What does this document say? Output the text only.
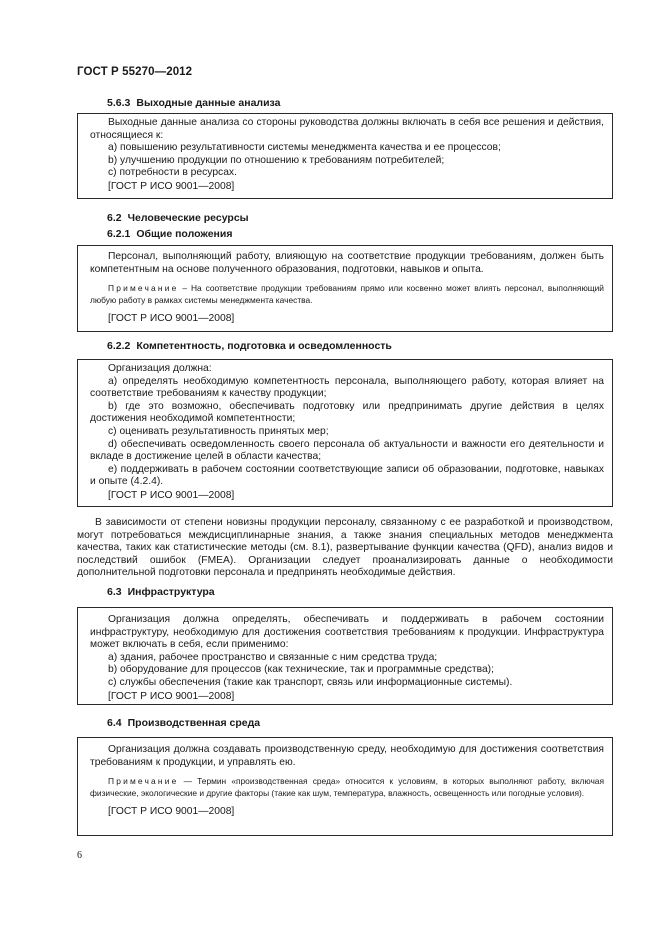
ГОСТ Р 55270—2012
5.6.3 Выходные данные анализа

Выходные данные анализа со стороны руководства должны включать в себя все решения и действия, относящиеся к:

a) повышению результативности системы менеджмента качества и ее процессов;

b) улучшению продукции по отношению к требованиям потребителей;

c) потребности в ресурсах.

[ГОСТ Р ИСО 9001—2008]

6.2 Человеческие ресурсы
6.2.1 Общие положения

Персонал, выполняющий работу, влияющую на соответствие продукции требованиям, должен быть компетентным на основе полученного образования, подготовки, навыков и опыта.

Примечание – На соответствие продукции требованиям прямо или косвенно может влиять персонал, выполняющий любую работу в рамках системы менеджмента качества.

[ГОСТ Р ИСО 9001—2008]

6.2.2 Компетентность, подготовка и осведомленность

Организация должна:

а) определять необходимую компетентность персонала, выполняющего работу, которая влияет на соответствие требованиям к качеству продукции;

b) где это возможно, обеспечивать подготовку или предпринимать другие действия в целях достижения необходимой компетентности;

c) оценивать результативность принятых мер;

d) обеспечивать осведомленность своего персонала об актуальности и важности его деятельности и вкладе в достижение целей в области качества;

e) поддерживать в рабочем состоянии соответствующие записи об образовании, подготовке, навыках и опыте (4.2.4).

[ГОСТ Р ИСО 9001—2008]

В зависимости от степени новизны продукции персоналу, связанному с ее разработкой и производством, могут потребоваться междисциплинарные знания, а также знания специальных методов менеджмента качества, таких как статистические методы (см. 8.1), развертывание функции качества (QFD), анализ видов и последствий ошибок (FMEA). Организации следует проанализировать данные о необходимости дополнительной подготовки персонала и предпринять необходимые действия.

6.3 Инфраструктура

Организация должна определять, обеспечивать и поддерживать в рабочем состоянии инфраструктуру, необходимую для достижения соответствия требованиям к продукции. Инфраструктура может включать в себя, если применимо:

a) здания, рабочее пространство и связанные с ним средства труда;

b) оборудование для процессов (как технические, так и программные средства);

c) службы обеспечения (такие как транспорт, связь или информационные системы).

[ГОСТ Р ИСО 9001—2008]

6.4 Производственная среда

Организация должна создавать производственную среду, необходимую для достижения соответствия требованиям к продукции, и управлять ею.

Примечание — Термин «производственная среда» относится к условиям, в которых выполняют работу, включая физические, экологические и другие факторы (такие как шум, температура, влажность, освещенность или погодные условия).

[ГОСТ Р ИСО 9001—2008]

6
